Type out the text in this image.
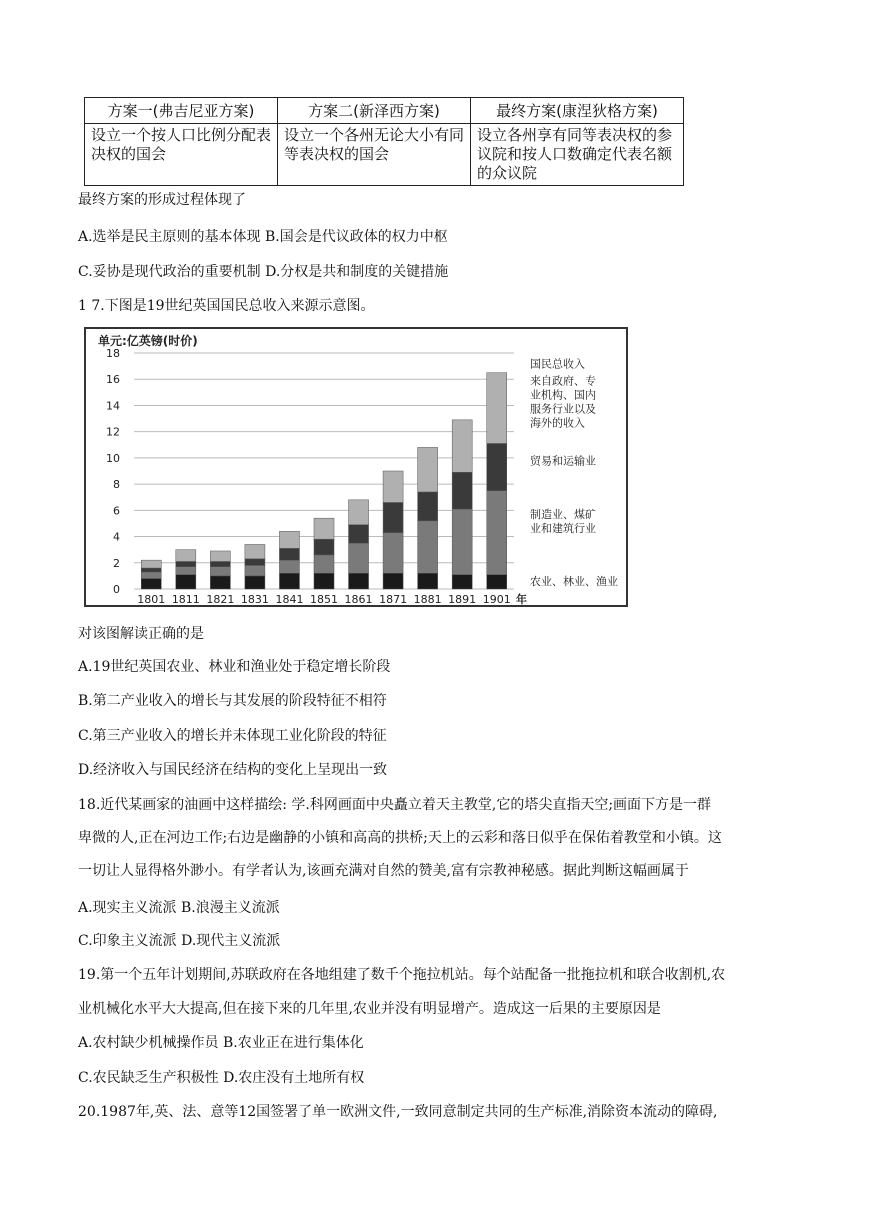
方案一(弗吉尼亚方案)	方案二(新泽西方案)	最终方案(康涅狄格方案)
设立一个按人口比例分配表决权的国会	设立一个各州无论大小有同等表决权的国会	设立各州享有同等表决权的参议院和按人口数确定代表名额的众议院
最终方案的形成过程体现了
A.选举是民主原则的基本体现 B.国会是代议政体的权力中枢
C.妥协是现代政治的重要机制 D.分权是共和制度的关键措施
1 7.下图是19世纪英国国民总收入来源示意图。
单元:亿英镑(时价)
0
2
4
6
8
10
12
14
16
18
1801 1811 1821 1831 1841 1851 1861 1871 1881 1891 1901 年
国民总收入
来自政府、专
业机构、国内
服务行业以及
海外的收入
贸易和运输业
制造业、煤矿
业和建筑行业
农业、林业、渔业
对该图解读正确的是
A.19世纪英国农业、林业和渔业处于稳定增长阶段
B.第二产业收入的增长与其发展的阶段特征不相符
C.第三产业收入的增长并未体现工业化阶段的特征
D.经济收入与国民经济在结构的变化上呈现出一致
18.近代某画家的油画中这样描绘: 学.科网画面中央矗立着天主教堂,它的塔尖直指天空;画面下方是一群
卑微的人,正在河边工作;右边是幽静的小镇和高高的拱桥;天上的云彩和落日似乎在保佑着教堂和小镇。这
一切让人显得格外渺小。有学者认为,该画充满对自然的赞美,富有宗教神秘感。据此判断这幅画属于
A.现实主义流派 B.浪漫主义流派
C.印象主义流派 D.现代主义流派
19.第一个五年计划期间,苏联政府在各地组建了数千个拖拉机站。每个站配备一批拖拉机和联合收割机,农
业机械化水平大大提高,但在接下来的几年里,农业并没有明显增产。造成这一后果的主要原因是
A.农村缺少机械操作员 B.农业正在进行集体化
C.农民缺乏生产积极性 D.农庄没有土地所有权
20.1987年,英、法、意等12国签署了单一欧洲文件,一致同意制定共同的生产标准,消除资本流动的障碍,
